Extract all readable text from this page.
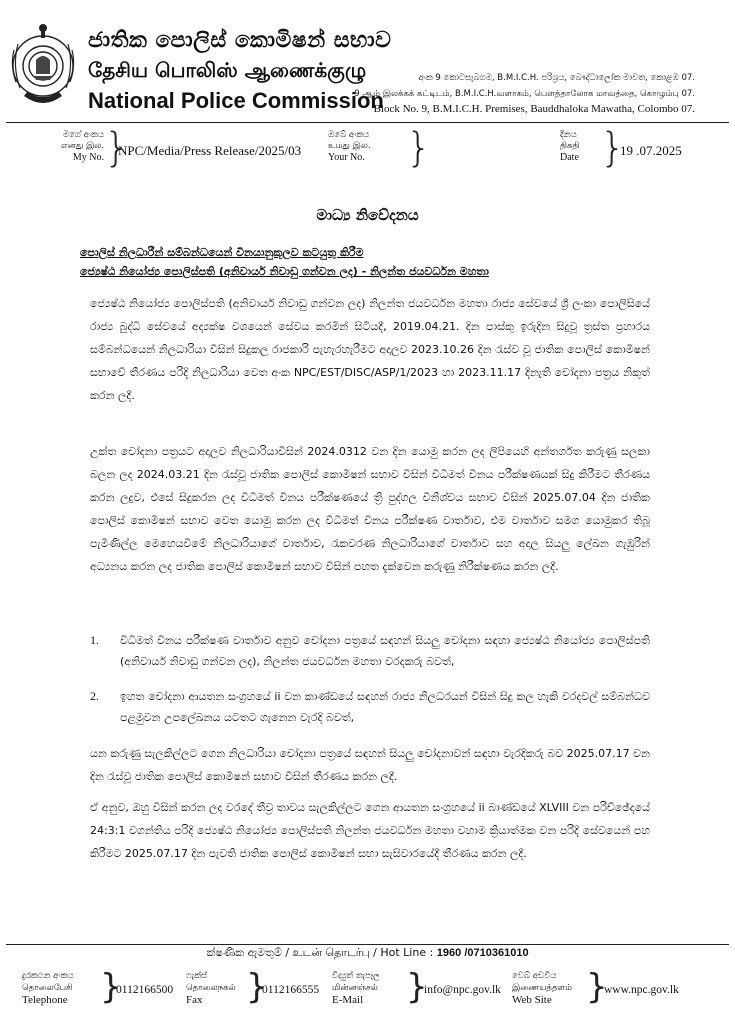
ජාතික පොලිස් කොමිෂන් සභාව
தேசிய பொலிஸ் ஆணைக்குழு
National Police Commission
අංක 9 කොටසැබගම, B.M.I.C.H. පරිශ්‍රය, බෞද්ධාලෝක මාවත, කොළඹ 07.
9 ஆம் இலக்கக் கட்டிடம், B.M.I.C.H.வளாகம், பௌத்தாலோக மாவத்தை, கொழும்பு 07.
Block No. 9, B.M.I.C.H. Premises, Bauddhaloka Mawatha, Colombo 07.
මගේ අංකය
எனது இல.
My No. }
NPC/Media/Press Release/2025/03
ඔබේ අංකය
உமது இல.
Your No.	}	දිනය
திகதி
Date }
19 .07.2025
මාධ්‍ය නිවේදනය
පොලිස් නිලධාරීන් සම්බන්ධයෙන් විනයානුකූලව කටයුතු කිරීම
ජ්‍යෙෂ්ඨ නියෝජ්‍ය පොලිස්පති (අනිවාර්ය නිවාඩු ගන්වන ලද) - නිලන්ත ජයවර්ධන මහතා
ජ්‍යෙෂ්ඨ නියෝජ්‍ය පොලිස්පති (අනිවාර්ය නිවාඩු ගන්වන ලද) නිලන්ත ජයවර්ධන මහතා රාජ්‍ය සේවයේ ශ්‍රී ලංකා පොලිසියේ රාජ්‍ය බුද්ධි සේවයේ අද්‍යක්ෂ වශයෙන් සේවය කරමින් සිටියදී, 2019.04.21. දින පාස්කු ඉරුදින සිදුවූ ත්‍රස්ත ප්‍රහාරය සම්බන්ධයෙන් නිලධාරියා විසින් සිදුකල රාජකාරි පැහැරහැරීමට අදාලව 2023.10.26 දින රැස්ව වූ ජාතික පොලිස් කොමිෂන් සභාවේ තීරණය පරිදි නිලධාරියා වෙත අංක NPC/EST/DISC/ASP/1/2023 හා 2023.11.17 දිනැති චෝදනා පත්‍රය නිකුත් කරන ලදී.
උක්ත චෝදනා පත්‍රයට අදාලව නිලධාරියාවිසින් 2024.0312 වන දින යොමු කරන ලද ලිපියෙහි අන්තර්ගත කරුණු සලකා බලන ලද 2024.03.21 දින රැස්වූ ජාතික පොලිස් කොමිෂන් සභාව විසින් විධිමත් විනය පරීක්ෂණයක් සිදු කිරීමට තීරණය කරන ලදුව, එසේ සිදුකරන ලද විධිමත් විනය පරීක්ෂණයේ ත්‍රි පුද්ගල විනිශ්චය සභාව විසින් 2025.07.04 දින ජාතික පොලිස් කොමිෂන් සභාව වෙත යොමු කරන ලද විධිමත් විනය පරීක්ෂණ වාර්තාව, එම වාර්තාව සමග යොමුකර තිබූ පැමිණිල්ල මෙහෙයවීමේ නිලධාරියාගේ වාර්තාව, රැකවරණ නිලධාරියාගේ වාර්තාව සහ අදාල සියලු ලේඛන ගැඹුරින් අධ්‍යනය කරන ලද ජාතික පොලිස් කොමිෂන් සභාව විසින් පහත දැක්වෙන කරුණු නිරීක්ෂණය කරන ලදී.
1. විධිමත් විනය පරීක්ෂණ වාර්තාව අනුව චෝදනා පත්‍රයේ සඳහන් සියලු චෝදනා සඳහා ජ්‍යෙෂ්ඨ නියෝජ්‍ය පොලිස්පති (අනිවාර්ය නිවාඩු ගන්වන ලද), නිලන්ත ජයවර්ධන මහතා වරදකරු බවත්,
2. ඉහත චෝදනා ආයතන සංග්‍රහයේ ii වන කාණ්ඩයේ සඳහන් රාජ්‍ය නිලධරයන් විසින් සිදු කල හැකි වරදවල් සම්බන්ධව පළමුවන උපලේඛනය යටතට ගැනෙන වැරදි බවත්,
යන කරුණු සැලකිල්ලට ගෙන නිලධාරියා චෝදනා පත්‍රයේ සඳහන් සියලු චෝදනාවන් සඳහා වැරදිකරු බව 2025.07.17 වන දින රැස්වූ ජාතික පොලිස් කොමිෂන් සභාව විසින් තීරණය කරන ලදී.
ඒ අනුව, ඔහු විසින් කරන ලද වරදේ තීව්‍ර තාවය සැලකිල්ලට ගෙන ආයතන සංග්‍රහයේ ii බාණ්ඩයේ XLVIII වන පරිච්ඡේදයේ 24:3:1 වගන්තිය පරිදි ජ්‍යෙෂ්ඨ නියෝජ්‍ය පොලිස්පති නිලන්ත ජයවර්ධන මහතා වහාම ක්‍රියාත්මක වන පරිදි සේවයෙන් පහ කිරීමට 2025.07.17 දින පැවති ජාතික පොලිස් කොමිෂන් සභා සැසිවාරයේදී තීරණය කරන ලදී.
ක්ෂණික ඇමතුම් / உடன் தொடர்பு / Hot Line : 1960 /0710361010
දුරකථන අංකය
தொலைபேசி
Telephone }
0112166500
ෆැක්ස්
தொலைநகல்
Fax	}
0112166555
විද්‍යුත් තැපෑල
மின்னஞ்சல்
E-Mail	}
info@npc.gov.lk
වෙබ් අඩවිය
இணையத்தளம்
Web Site	}
www.npc.gov.lk
